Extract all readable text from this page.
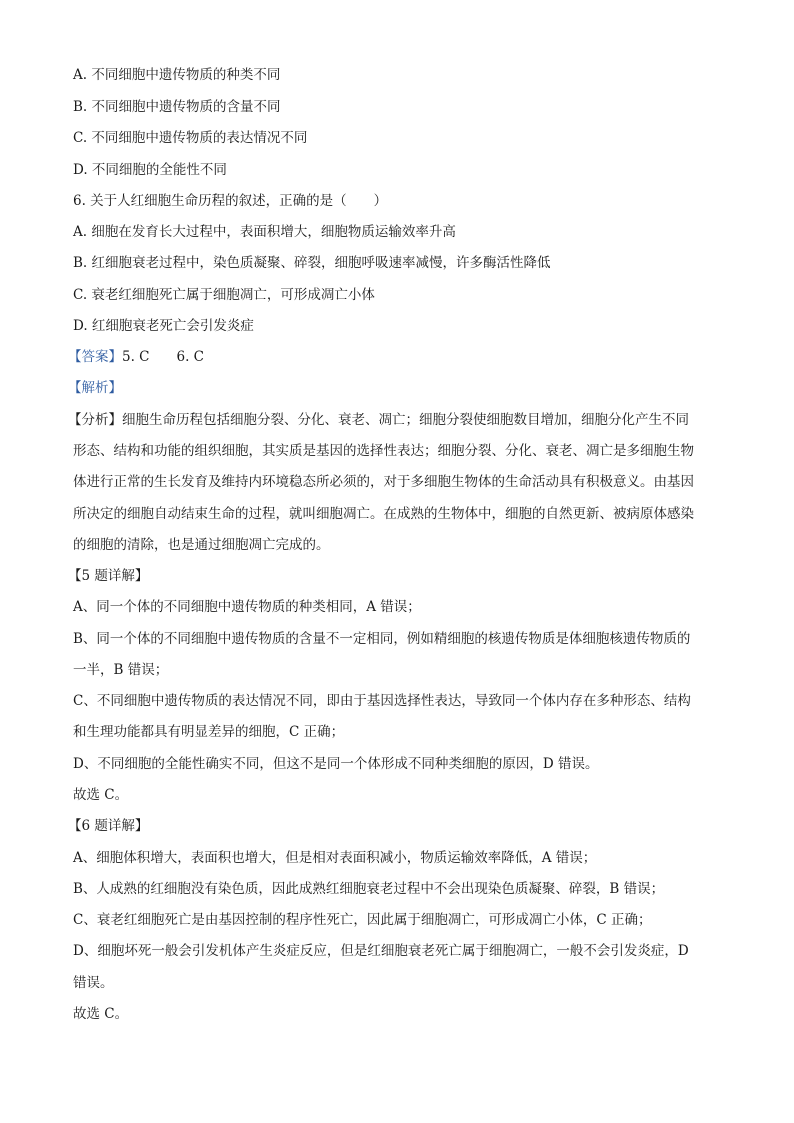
A. 不同细胞中遗传物质的种类不同
B. 不同细胞中遗传物质的含量不同
C. 不同细胞中遗传物质的表达情况不同
D. 不同细胞的全能性不同
6. 关于人红细胞生命历程的叙述，正确的是（　　）
A. 细胞在发育长大过程中，表面积增大，细胞物质运输效率升高
B. 红细胞衰老过程中，染色质凝聚、碎裂，细胞呼吸速率减慢，许多酶活性降低
C. 衰老红细胞死亡属于细胞凋亡，可形成凋亡小体
D. 红细胞衰老死亡会引发炎症
【答案】5. C　　6. C
【解析】
【分析】细胞生命历程包括细胞分裂、分化、衰老、凋亡；细胞分裂使细胞数目增加，细胞分化产生不同
形态、结构和功能的组织细胞，其实质是基因的选择性表达；细胞分裂、分化、衰老、凋亡是多细胞生物
体进行正常的生长发育及维持内环境稳态所必须的，对于多细胞生物体的生命活动具有积极意义。由基因
所决定的细胞自动结束生命的过程，就叫细胞凋亡。在成熟的生物体中，细胞的自然更新、被病原体感染
的细胞的清除，也是通过细胞凋亡完成的。
【5 题详解】
A、同一个体的不同细胞中遗传物质的种类相同，A 错误；
B、同一个体的不同细胞中遗传物质的含量不一定相同，例如精细胞的核遗传物质是体细胞核遗传物质的
一半，B 错误；
C、不同细胞中遗传物质的表达情况不同，即由于基因选择性表达，导致同一个体内存在多种形态、结构
和生理功能都具有明显差异的细胞，C 正确；
D、不同细胞的全能性确实不同，但这不是同一个体形成不同种类细胞的原因，D 错误。
故选 C。
【6 题详解】
A、细胞体积增大，表面积也增大，但是相对表面积减小，物质运输效率降低，A 错误；
B、人成熟的红细胞没有染色质，因此成熟红细胞衰老过程中不会出现染色质凝聚、碎裂，B 错误；
C、衰老红细胞死亡是由基因控制的程序性死亡，因此属于细胞凋亡，可形成凋亡小体，C 正确；
D、细胞坏死一般会引发机体产生炎症反应，但是红细胞衰老死亡属于细胞凋亡，一般不会引发炎症，D
错误。
故选 C。
